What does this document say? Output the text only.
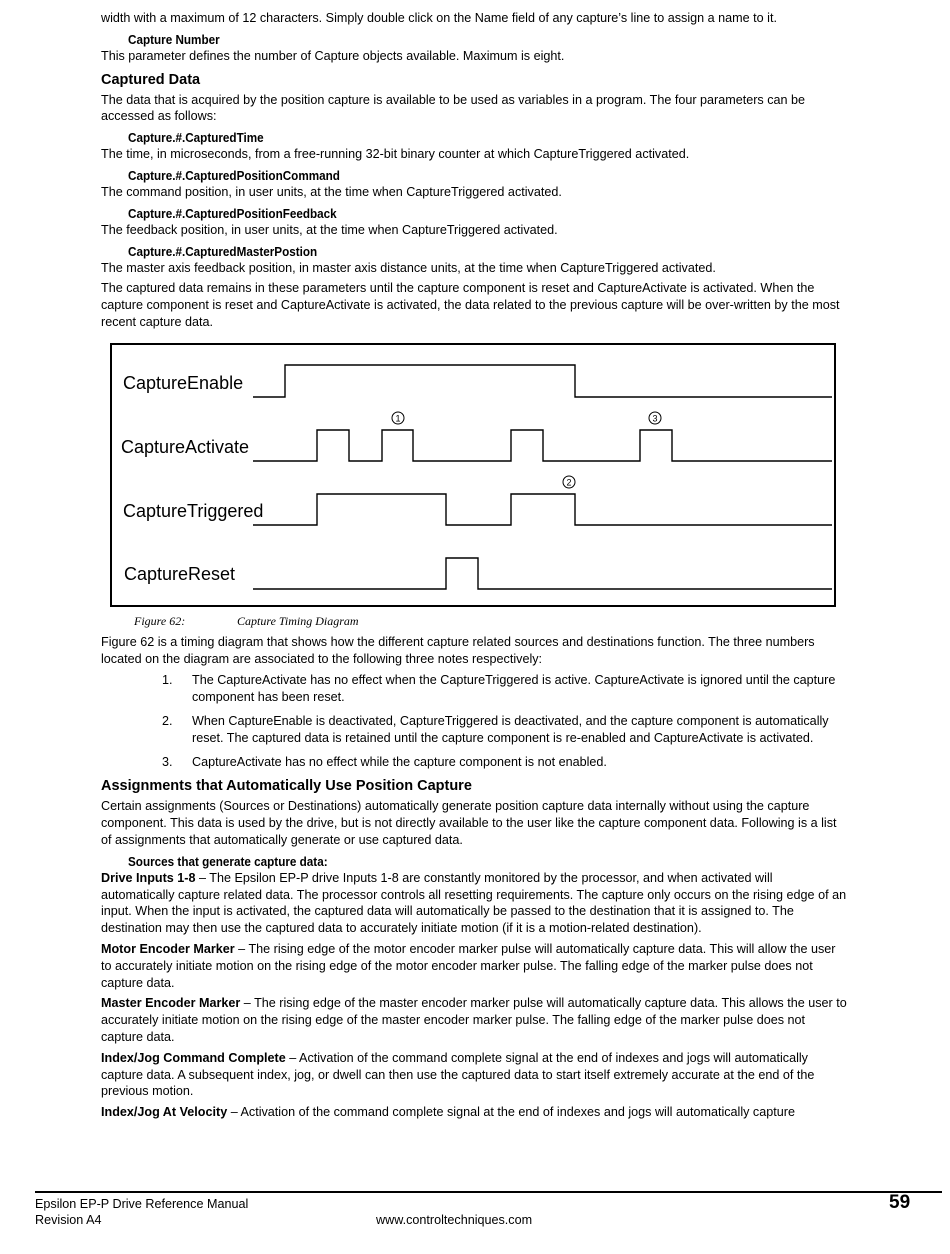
width with a maximum of 12 characters. Simply double click on the Name field of any capture’s line to assign a name to it.

Capture Number

This parameter defines the number of Capture objects available. Maximum is eight.

Captured Data

The data that is acquired by the position capture is available to be used as variables in a program. The four parameters can be accessed as follows:

Capture.#.CapturedTime

The time, in microseconds, from a free-running 32-bit binary counter at which CaptureTriggered activated.

Capture.#.CapturedPositionCommand

The command position, in user units, at the time when CaptureTriggered activated.

Capture.#.CapturedPositionFeedback

The feedback position, in user units, at the time when CaptureTriggered activated.

Capture.#.CapturedMasterPostion

The master axis feedback position, in master axis distance units, at the time when CaptureTriggered activated.

The captured data remains in these parameters until the capture component is reset and CaptureActivate is activated. When the capture component is reset and CaptureActivate is activated, the data related to the previous capture will be over-written by the most recent capture data.

CaptureEnable
CaptureActivate
CaptureTriggered
CaptureReset
1
2
3
Figure 62:	Capture Timing Diagram

Figure 62 is a timing diagram that shows how the different capture related sources and destinations function. The three numbers located on the diagram are associated to the following three notes respectively:

1. The CaptureActivate has no effect when the CaptureTriggered is active. CaptureActivate is ignored until the capture component has been reset.
2. When CaptureEnable is deactivated, CaptureTriggered is deactivated, and the capture component is automatically reset. The captured data is retained until the capture component is re-enabled and CaptureActivate is activated.
3. CaptureActivate has no effect while the capture component is not enabled.
Assignments that Automatically Use Position Capture

Certain assignments (Sources or Destinations) automatically generate position capture data internally without using the capture component. This data is used by the drive, but is not directly available to the user like the capture component data. Following is a list of assignments that automatically generate or use captured data.

Sources that generate capture data:

Drive Inputs 1-8 – The Epsilon EP-P drive Inputs 1-8 are constantly monitored by the processor, and when activated will automatically capture related data. The processor controls all resetting requirements. The capture only occurs on the rising edge of an input. When the input is activated, the captured data will automatically be passed to the destination that it is assigned to. The destination may then use the captured data to accurately initiate motion (if it is a motion-related destination).

Motor Encoder Marker – The rising edge of the motor encoder marker pulse will automatically capture data. This will allow the user to accurately initiate motion on the rising edge of the motor encoder marker pulse. The falling edge of the marker pulse does not capture data.

Master Encoder Marker – The rising edge of the master encoder marker pulse will automatically capture data. This allows the user to accurately initiate motion on the rising edge of the master encoder marker pulse. The falling edge of the marker pulse does not capture data.

Index/Jog Command Complete – Activation of the command complete signal at the end of indexes and jogs will automatically capture data. A subsequent index, jog, or dwell can then use the captured data to start itself extremely accurate at the end of the previous motion.

Index/Jog At Velocity – Activation of the command complete signal at the end of indexes and jogs will automatically capture

Epsilon EP-P Drive Reference Manual
Revision A4	www.controltechniques.com
59
